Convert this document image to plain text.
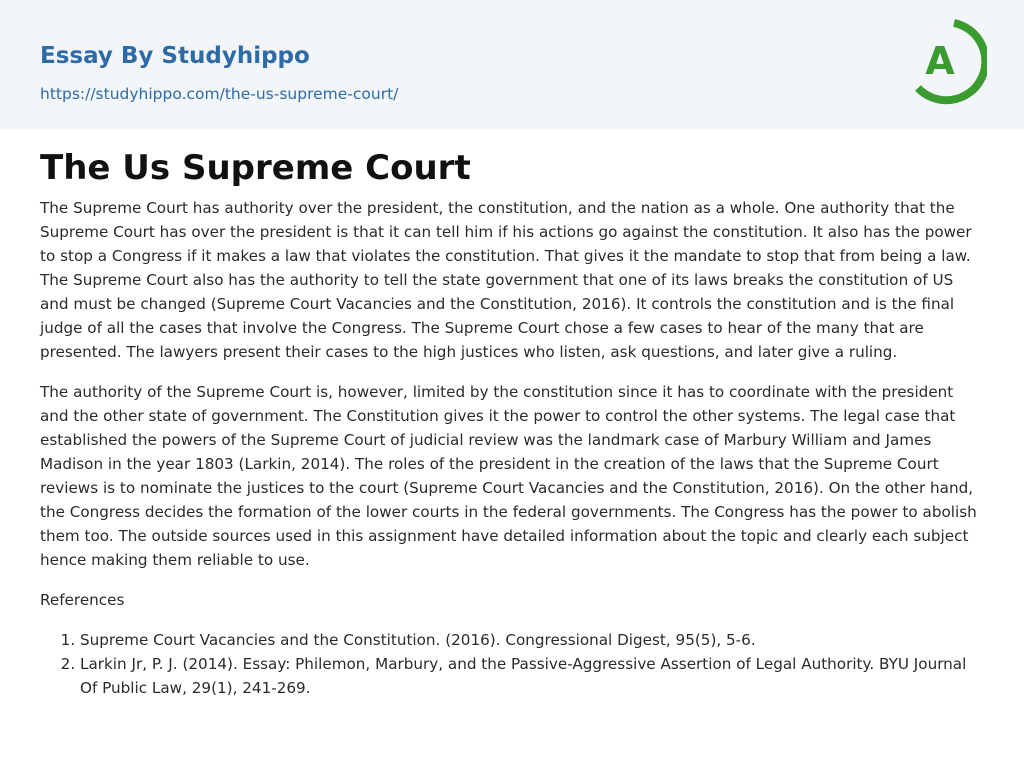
Essay By Studyhippo
https://studyhippo.com/the-us-supreme-court/
A
The Us Supreme Court

The Supreme Court has authority over the president, the constitution, and the nation as a whole. One authority that the Supreme Court has over the president is that it can tell him if his actions go against the constitution. It also has the power to stop a Congress if it makes a law that violates the constitution. That gives it the mandate to stop that from being a law. The Supreme Court also has the authority to tell the state government that one of its laws breaks the constitution of US and must be changed (Supreme Court Vacancies and the Constitution, 2016). It controls the constitution and is the final judge of all the cases that involve the Congress. The Supreme Court chose a few cases to hear of the many that are presented. The lawyers present their cases to the high justices who listen, ask questions, and later give a ruling.

The authority of the Supreme Court is, however, limited by the constitution since it has to coordinate with the president and the other state of government. The Constitution gives it the power to control the other systems. The legal case that established the powers of the Supreme Court of judicial review was the landmark case of Marbury William and James Madison in the year 1803 (Larkin, 2014). The roles of the president in the creation of the laws that the Supreme Court reviews is to nominate the justices to the court (Supreme Court Vacancies and the Constitution, 2016). On the other hand, the Congress decides the formation of the lower courts in the federal governments. The Congress has the power to abolish them too. The outside sources used in this assignment have detailed information about the topic and clearly each subject hence making them reliable to use.

References

1. Supreme Court Vacancies and the Constitution. (2016). Congressional Digest, 95(5), 5-6.
2. Larkin Jr, P. J. (2014). Essay: Philemon, Marbury, and the Passive-Aggressive Assertion of Legal Authority. BYU Journal Of Public Law, 29(1), 241-269.
